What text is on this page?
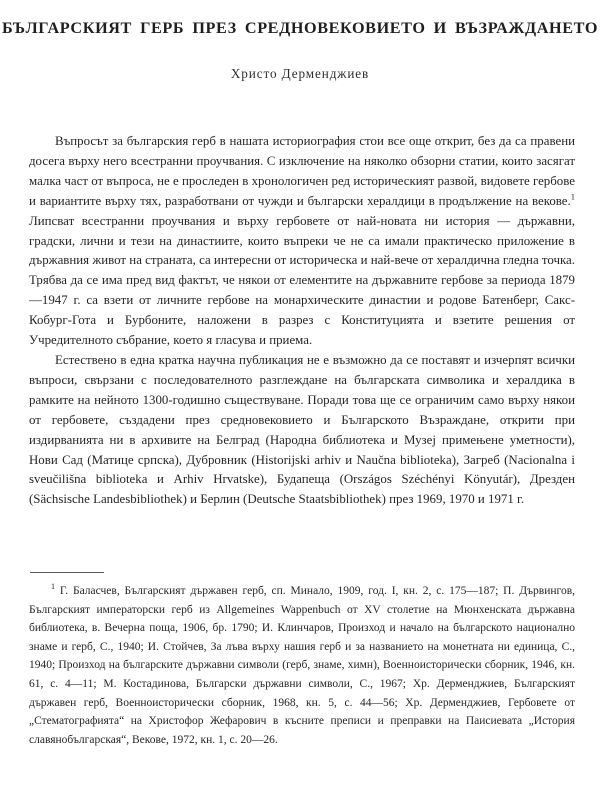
БЪЛГАРСКИЯТ ГЕРБ ПРЕЗ СРЕДНОВЕКОВИЕТО И ВЪЗРАЖДАНЕТО
Христо Дерменджиев

Въпросът за българския герб в нашата историография стои все още открит, без да са правени досега върху него всестранни проучвания. С изключение на няколко обзорни статии, които засягат малка част от въпроса, не е проследен в хронологичен ред историческият развой, видовете гербове и вариантите върху тях, разработвани от чужди и български хералдици в продължение на векове.$^1$ Липсват всестранни проучвания и върху гербовете от най-новата ни история — държавни, градски, лични и тези на династиите, които въпреки че не са имали практическо приложение в държавния живот на страната, са интересни от историческа и най-вече от хералдична гледна точка. Трябва да се има пред вид фактът, че някои от елементите на държавните гербове за периода 1879—1947 г. са взети от личните гербове на монархическите династии и родове Батенберг, Сакс-Кобург-Гота и Бурбоните, наложени в разрез с Конституцията и взетите решения от Учредителното събрание, което я гласува и приема.

Естествено в една кратка научна публикация не е възможно да се поставят и изчерпят всички въпроси, свързани с последователното разглеждане на българската символика и хералдика в рамките на нейното 1300-годишно съществуване. Поради това ще се ограничим само върху някои от гербовете, създадени през средновековието и Българското Възраждане, открити при издирванията ни в архивите на Белград (Народна библиотека и Музеj примењене уметности), Нови Сад (Матице српска), Дубровник (Historijski arhiv и Naučna biblioteka), Загреб (Nacionalna i sveučilišna biblioteka и Arhiv Hrvatske), Будапеща (Országos Széchényi Könyutár), Дрезден (Sächsische Landesbibliothek) и Берлин (Deutsche Staatsbibliothek) през 1969, 1970 и 1971 г.

$^1$ Г. Баласчев, Българският държавен герб, сп. Минало, 1909, год. I, кн. 2, с. 175—187; П. Дървингов, Българският императорски герб из Allgemeines Wappenbuch от XV столетие на Мюнхенската държавна библиотека, в. Вечерна поща, 1906, бр. 1790; И. Клинчаров, Произход и начало на българското национално знаме и герб, С., 1940; И. Стойчев, За лъва върху нашия герб и за названието на монетната ни единица, С., 1940; Произход на българските държавни символи (герб, знаме, химн), Военноисторически сборник, 1946, кн. 61, с. 4—11; М. Костадинова, Български държавни символи, С., 1967; Хр. Дерменджиев, Българският държавен герб, Военноисторически сборник, 1968, кн. 5, с. 44—56; Хр. Дерменджиев, Гербовете от „Стематографията“ на Христофор Жефарович в късните преписи и преправки на Паисиевата „История славянобългарская“, Векове, 1972, кн. 1, с. 20—26.
